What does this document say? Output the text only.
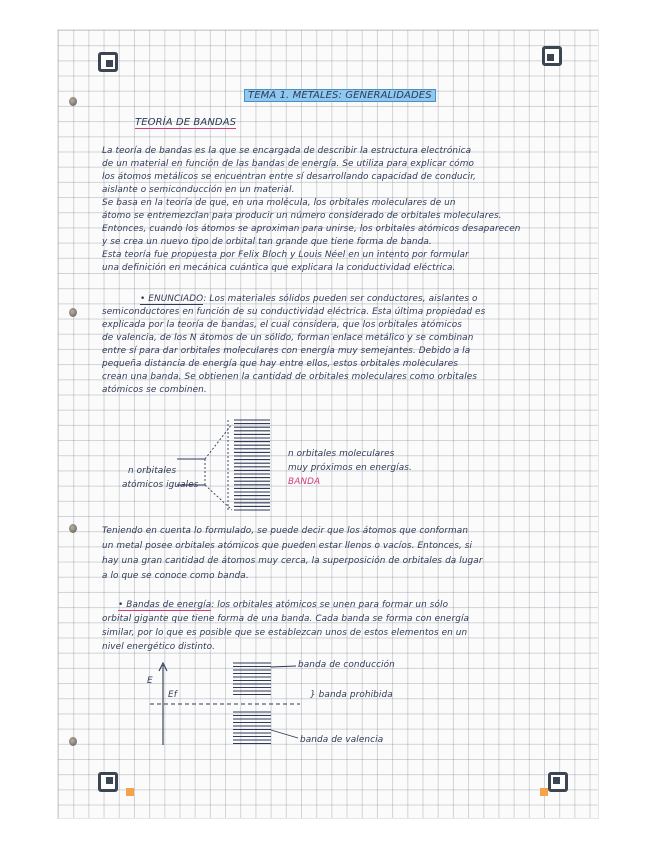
TEMA 1. METALES: GENERALIDADES
TEORÍA DE BANDAS
La teoría de bandas es la que se encargada de describir la estructura electrónica
de un material en función de las bandas de energía. Se utiliza para explicar cómo
los átomos metálicos se encuentran entre sí desarrollando capacidad de conducir,
aislante o semiconducción en un material.
Se basa en la teoría de que, en una molécula, los orbitales moleculares de un
átomo se entremezclan para producir un número considerado de orbitales moleculares.
Entonces, cuando los átomos se aproximan para unirse, los orbitales atómicos desaparecen
y se crea un nuevo tipo de orbital tan grande que tiene forma de banda.
Esta teoría fue propuesta por Felix Bloch y Louis Néel en un intento por formular
una definición en mecánica cuántica que explicara la conductividad eléctrica.
• ENUNCIADO: Los materiales sólidos pueden ser conductores, aislantes o
semiconductores en función de su conductividad eléctrica. Esta última propiedad es
explicada por la teoría de bandas, el cual considera, que los orbitales atómicos
de valencia, de los N átomos de un sólido, forman enlace metálico y se combinan
entre sí para dar orbitales moleculares con energía muy semejantes. Debido a la
pequeña distancia de energía que hay entre ellos, estos orbitales moleculares
crean una banda. Se obtienen la cantidad de orbitales moleculares como orbitales
atómicos se combinen.
n orbitales
atómicos iguales
n orbitales moleculares
muy próximos en energías.
BANDA
Teniendo en cuenta lo formulado, se puede decir que los átomos que conforman
un metal posee orbitales atómicos que pueden estar llenos o vacíos. Entonces, si
hay una gran cantidad de átomos muy cerca, la superposición de orbitales da lugar
a lo que se conoce como banda.
• Bandas de energía: los orbitales atómicos se unen para formar un sólo
orbital gigante que tiene forma de una banda. Cada banda se forma con energía
similar, por lo que es posible que se establezcan unos de estos elementos en un
nivel energético distinto.
E
Ef
banda de conducción
} banda prohibida
banda de valencia
